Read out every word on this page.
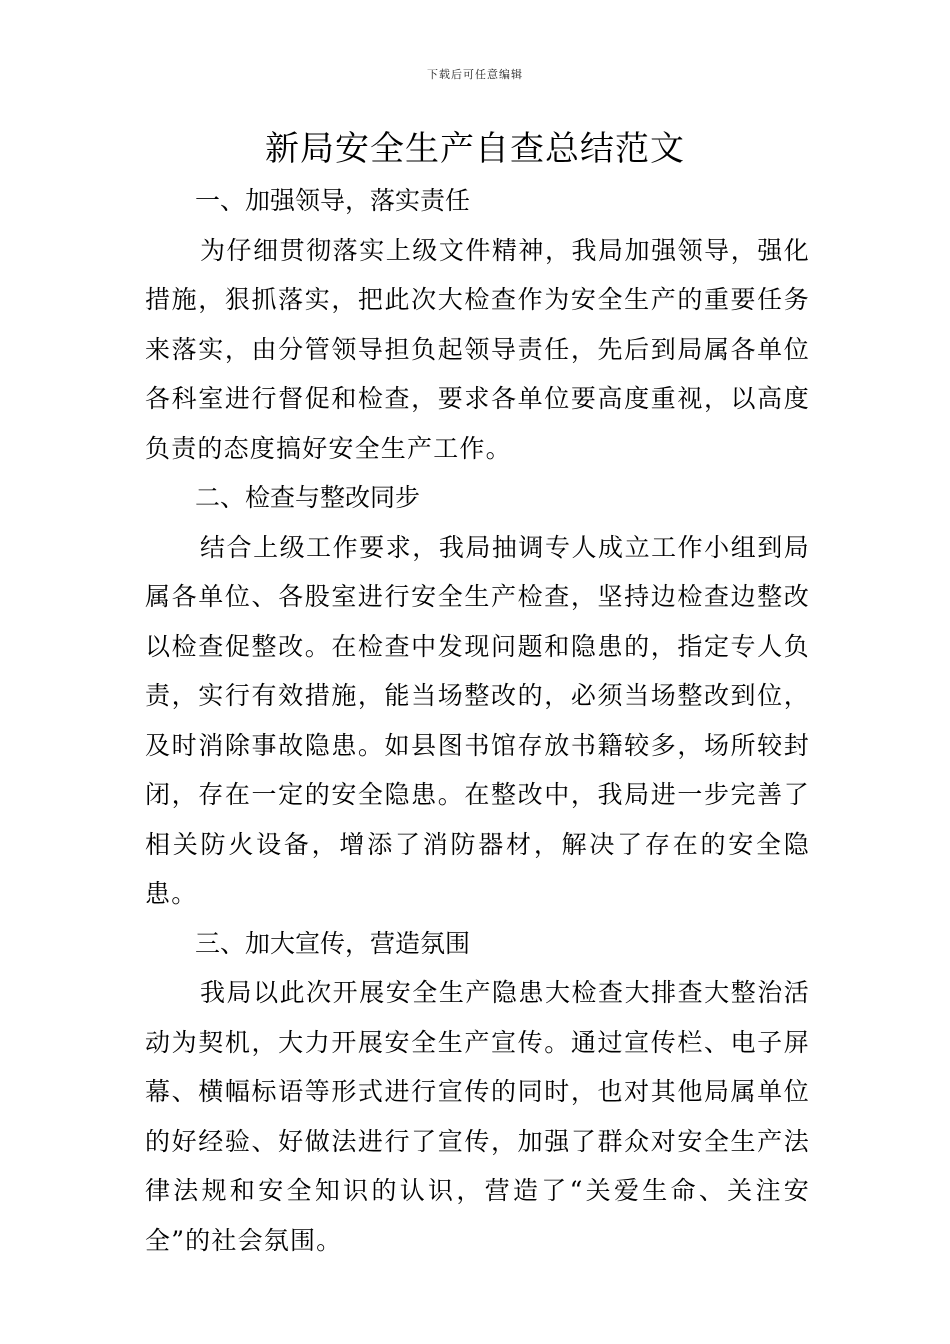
下载后可任意编辑
新局安全生产自查总结范文
一、加强领导，落实责任

为仔细贯彻落实上级文件精神，我局加强领导，强化措施，狠抓落实，把此次大检查作为安全生产的重要任务来落实，由分管领导担负起领导责任，先后到局属各单位各科室进行督促和检查，要求各单位要高度重视，以高度负责的态度搞好安全生产工作。

二、检查与整改同步

结合上级工作要求，我局抽调专人成立工作小组到局属各单位、各股室进行安全生产检查，坚持边检查边整改以检查促整改。在检查中发现问题和隐患的，指定专人负责，实行有效措施，能当场整改的，必须当场整改到位，及时消除事故隐患。如县图书馆存放书籍较多，场所较封闭，存在一定的安全隐患。在整改中，我局进一步完善了相关防火设备，增添了消防器材，解决了存在的安全隐患。

三、加大宣传，营造氛围

我局以此次开展安全生产隐患大检查大排查大整治活动为契机，大力开展安全生产宣传。通过宣传栏、电子屏幕、横幅标语等形式进行宣传的同时，也对其他局属单位的好经验、好做法进行了宣传，加强了群众对安全生产法律法规和安全知识的认识，营造了“关爱生命、关注安全”的社会氛围。
